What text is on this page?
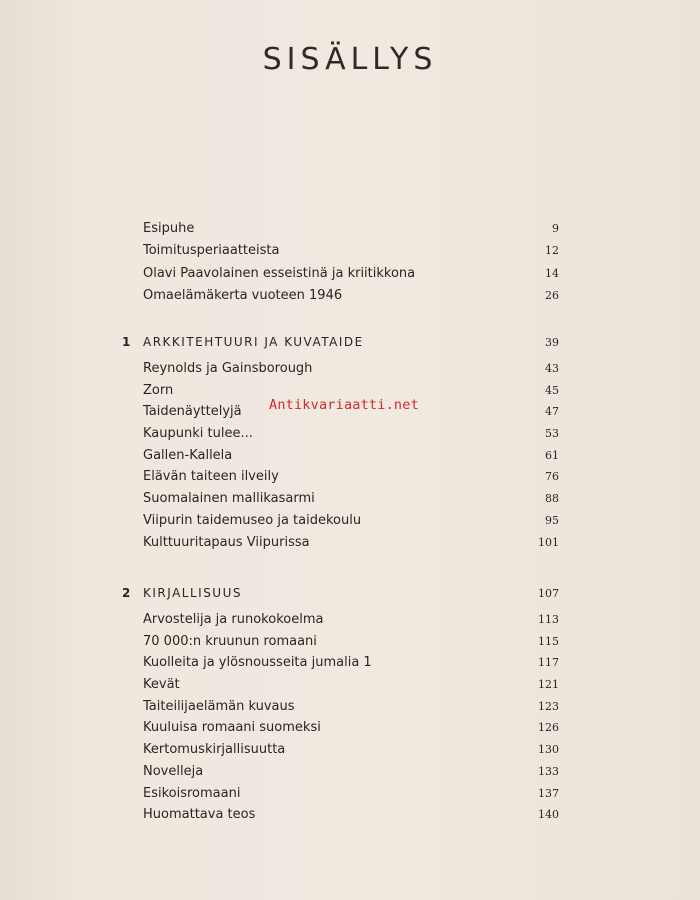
SISÄLLYS
Esipuhe	9
Toimitusperiaatteista	12
Olavi Paavolainen esseistinä ja kriitikkona	14
Omaelämäkerta vuoteen 1946	26
1 ARKKITEHTUURI JA KUVATAIDE	39
Reynolds ja Gainsborough	43
Zorn	45
Taidenäyttelyjä	47
Kaupunki tulee...	53
Gallen-Kallela	61
Elävän taiteen ilveily	76
Suomalainen mallikasarmi	88
Viipurin taidemuseo ja taidekoulu	95
Kulttuuritapaus Viipurissa	101
2 KIRJALLISUUS	107
Arvostelija ja runokokoelma	113
70 000:n kruunun romaani	115
Kuolleita ja ylösnousseita jumalia 1	117
Kevät	121
Taiteilijaelämän kuvaus	123
Kuuluisa romaani suomeksi	126
Kertomuskirjallisuutta	130
Novelleja	133
Esikoisromaani	137
Huomattava teos	140
Antikvariaatti.net
